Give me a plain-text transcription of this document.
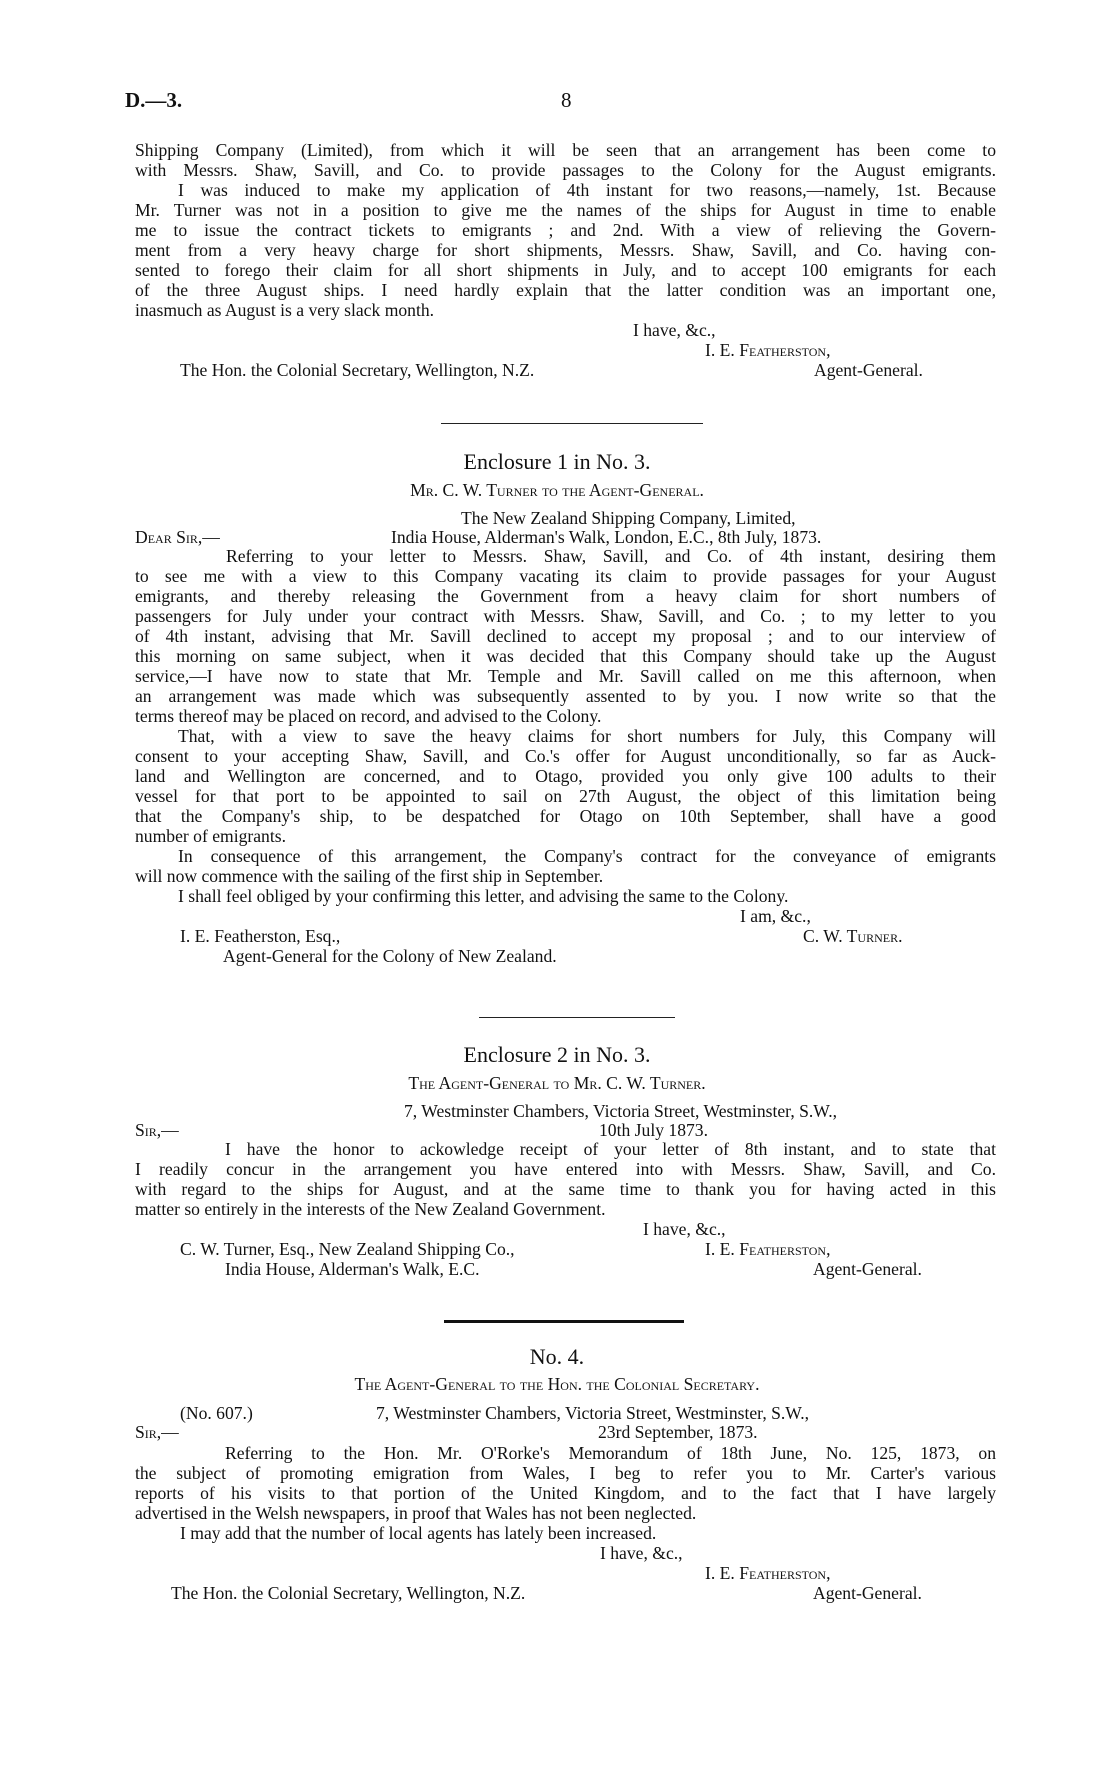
D.—3.	8
Shipping Company (Limited), from which it will be seen that an arrangement has been come to
with Messrs. Shaw, Savill, and Co. to provide passages to the Colony for the August emigrants.
I was induced to make my application of 4th instant for two reasons,—namely, 1st. Because
Mr. Turner was not in a position to give me the names of the ships for August in time to enable
me to issue the contract tickets to emigrants ; and 2nd. With a view of relieving the Govern-
ment from a very heavy charge for short shipments, Messrs. Shaw, Savill, and Co. having con-
sented to forego their claim for all short shipments in July, and to accept 100 emigrants for each
of the three August ships. I need hardly explain that the latter condition was an important one,
inasmuch as August is a very slack month.
I have, &c.,
I. E. Featherston,
The Hon. the Colonial Secretary, Wellington, N.Z.	Agent-General.
Enclosure 1 in No. 3.
Mr. C. W. Turner to the Agent-General.
The New Zealand Shipping Company, Limited,
Dear Sir,—	India House, Alderman's Walk, London, E.C., 8th July, 1873.
Referring to your letter to Messrs. Shaw, Savill, and Co. of 4th instant, desiring them
to see me with a view to this Company vacating its claim to provide passages for your August
emigrants, and thereby releasing the Government from a heavy claim for short numbers of
passengers for July under your contract with Messrs. Shaw, Savill, and Co. ; to my letter to you
of 4th instant, advising that Mr. Savill declined to accept my proposal ; and to our interview of
this morning on same subject, when it was decided that this Company should take up the August
service,—I have now to state that Mr. Temple and Mr. Savill called on me this afternoon, when
an arrangement was made which was subsequently assented to by you. I now write so that the
terms thereof may be placed on record, and advised to the Colony.
That, with a view to save the heavy claims for short numbers for July, this Company will
consent to your accepting Shaw, Savill, and Co.'s offer for August unconditionally, so far as Auck-
land and Wellington are concerned, and to Otago, provided you only give 100 adults to their
vessel for that port to be appointed to sail on 27th August, the object of this limitation being
that the Company's ship, to be despatched for Otago on 10th September, shall have a good
number of emigrants.
In consequence of this arrangement, the Company's contract for the conveyance of emigrants
will now commence with the sailing of the first ship in September.
I shall feel obliged by your confirming this letter, and advising the same to the Colony.
I am, &c.,
I. E. Featherston, Esq.,	C. W. Turner.
Agent-General for the Colony of New Zealand.
Enclosure 2 in No. 3.
The Agent-General to Mr. C. W. Turner.
7, Westminster Chambers, Victoria Street, Westminster, S.W.,
Sir,—	10th July 1873.
I have the honor to ackowledge receipt of your letter of 8th instant, and to state that
I readily concur in the arrangement you have entered into with Messrs. Shaw, Savill, and Co.
with regard to the ships for August, and at the same time to thank you for having acted in this
matter so entirely in the interests of the New Zealand Government.
I have, &c.,
C. W. Turner, Esq., New Zealand Shipping Co.,	I. E. Featherston,
India House, Alderman's Walk, E.C.	Agent-General.
No. 4.
The Agent-General to the Hon. the Colonial Secretary.
(No. 607.)	7, Westminster Chambers, Victoria Street, Westminster, S.W.,
Sir,—	23rd September, 1873.
Referring to the Hon. Mr. O'Rorke's Memorandum of 18th June, No. 125, 1873, on
the subject of promoting emigration from Wales, I beg to refer you to Mr. Carter's various
reports of his visits to that portion of the United Kingdom, and to the fact that I have largely
advertised in the Welsh newspapers, in proof that Wales has not been neglected.
I may add that the number of local agents has lately been increased.
I have, &c.,
I. E. Featherston,
The Hon. the Colonial Secretary, Wellington, N.Z.	Agent-General.
